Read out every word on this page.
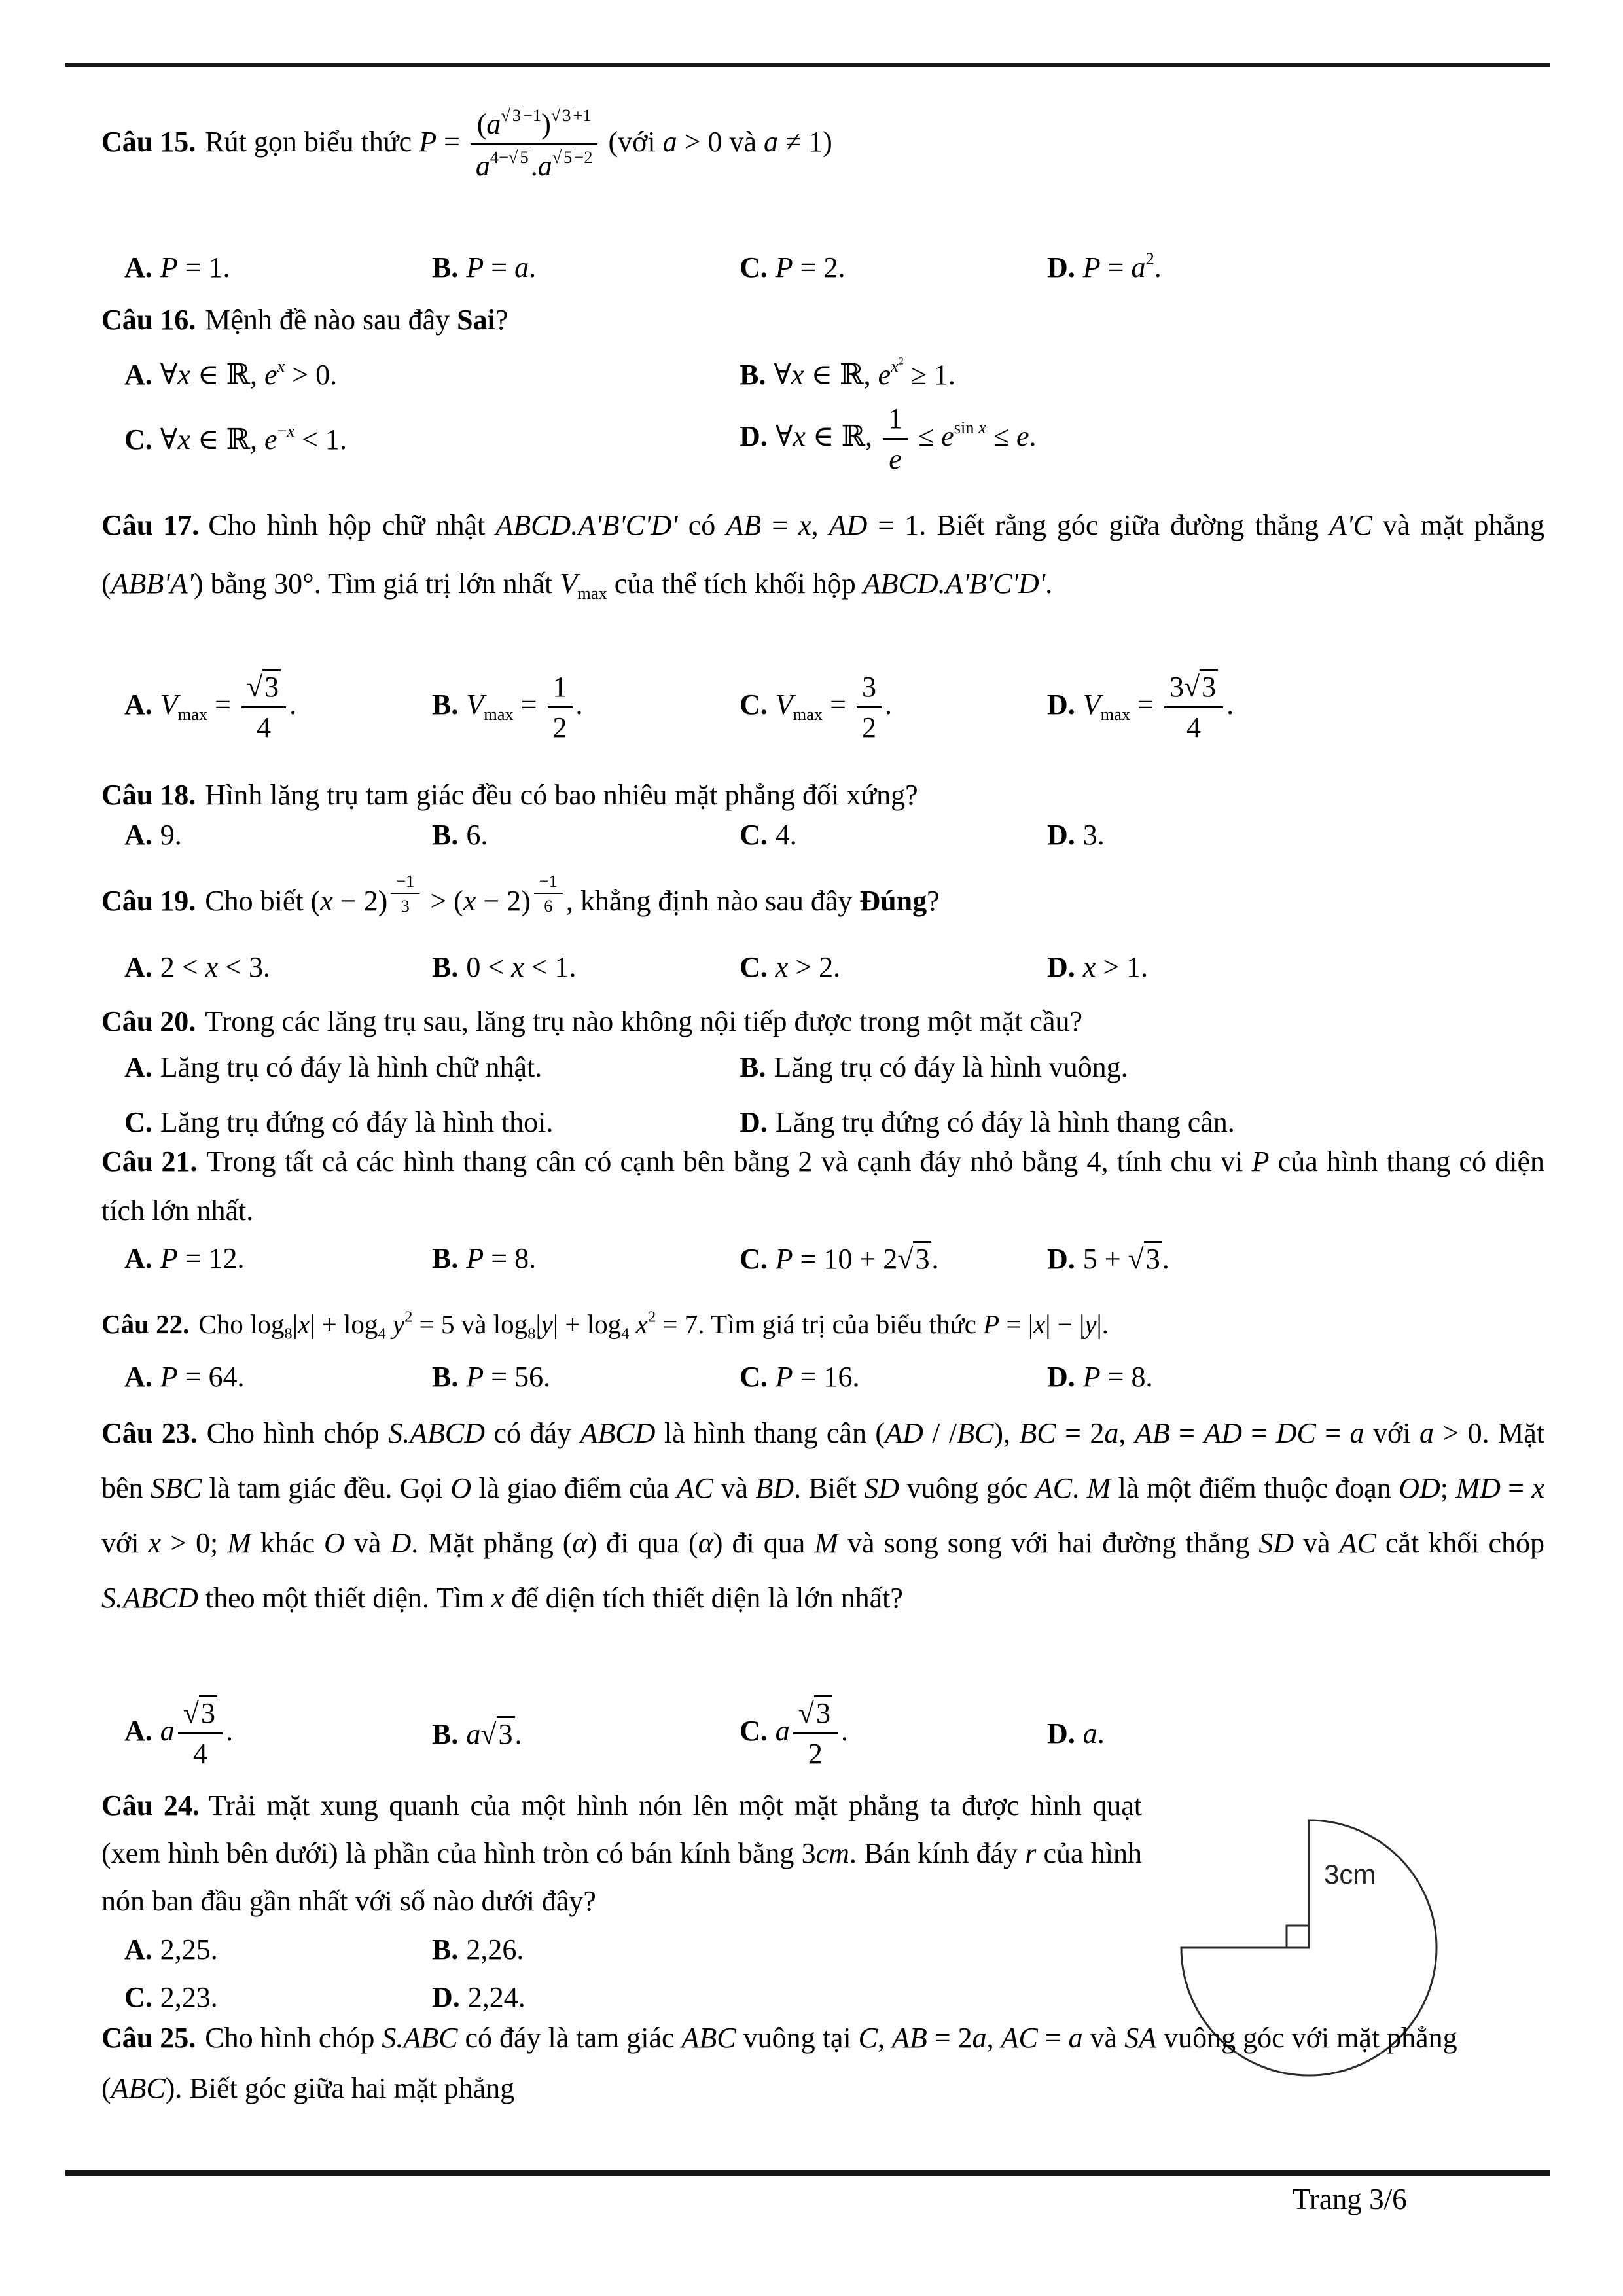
Câu 15. Rút gọn biểu thức $P = \frac{(a^{√ 3 -1})^{√ 3 +1}}{a^{4-√ 5}.a^{√ 5 -2}}$ (với a > 0 và a ≠ 1)
A. P = 1.	B. P = a.	C. P = 2.	D. $P = a^2$.
Câu 16. Mệnh đề nào sau đây Sai?
A. ∀x ∈ ℝ, $e^x > 0$.	B. ∀x ∈ ℝ, $e^{x^2} \ge 1$.
C. ∀x ∈ ℝ, $e^{-x} < 1$.	D. ∀x ∈ ℝ, $\frac{1}{e} \le e^{sin x} \le e$.
Câu 17. Cho hình hộp chữ nhật ABCD.A'B'C'D' có AB = x, AD = 1. Biết rằng góc giữa đường thẳng A'C và mặt phẳng (ABB'A') bằng 30°. Tìm giá trị lớn nhất $V_{max}$ của thể tích khối hộp ABCD.A'B'C'D'.
A. $V_{max} = \frac{√3}{4}$ .	B. $V_{max} = \frac{1}{2}$ .	C. $V_{max} = \frac{3}{2}$ .	D. $V_{max} = \frac{3√3}{4}$ .
Câu 18. Hình lăng trụ tam giác đều có bao nhiêu mặt phẳng đối xứng?
A. 9.	B. 6.	C. 4.	D. 3.
Câu 19. Cho biết (x − 2) $^{\frac{-1}{3}}$ > (x − 2) $^{\frac{-1}{6}}$ , khẳng định nào sau đây Đúng?
A. 2 < x < 3.	B. 0 < x < 1.	C. x > 2.	D. x > 1.
Câu 20. Trong các lăng trụ sau, lăng trụ nào không nội tiếp được trong một mặt cầu?
A. Lăng trụ có đáy là hình chữ nhật.	B. Lăng trụ có đáy là hình vuông.
C. Lăng trụ đứng có đáy là hình thoi.	D. Lăng trụ đứng có đáy là hình thang cân.
Câu 21. Trong tất cả các hình thang cân có cạnh bên bằng 2 và cạnh đáy nhỏ bằng 4, tính chu vi P của hình thang có diện tích lớn nhất.
A. P = 12.	B. P = 8.	C. P = 10 + 2√3.	D. 5 + √3.
Câu 22. Cho $\log_8|x| + \log_4 y^2 = 5$ và $\log_8|y| + \log_4 x^2 = 7$. Tìm giá trị của biểu thức P = |x| − |y|.
A. P = 64.	B. P = 56.	C. P = 16.	D. P = 8.
Câu 23. Cho hình chóp S.ABCD có đáy ABCD là hình thang cân (AD / /BC), BC = 2a, AB = AD = DC = a với a > 0. Mặt bên SBC là tam giác đều. Gọi O là giao điểm của AC và BD. Biết SD vuông góc AC. M là một điểm thuộc đoạn OD; MD = x với x > 0; M khác O và D. Mặt phẳng (α) đi qua (α) đi qua M và song song với hai đường thẳng SD và AC cắt khối chóp S.ABCD theo một thiết diện. Tìm x để diện tích thiết diện là lớn nhất?
A. a $\frac{√3}{4}$ .	B. a√3.	C. a $\frac{√3}{2}$ .	D. a.
Câu 24. Trải mặt xung quanh của một hình nón lên một mặt phẳng ta được hình quạt (xem hình bên dưới) là phần của hình tròn có bán kính bằng 3cm. Bán kính đáy r của hình nón ban đầu gần nhất với số nào dưới đây?
A. 2,25.	B. 2,26.
C. 2,23.	D. 2,24.
3cm
Câu 25. Cho hình chóp S.ABC có đáy là tam giác ABC vuông tại C, AB = 2a, AC = a và SA vuông góc với mặt phẳng (ABC). Biết góc giữa hai mặt phẳng
Trang 3/6
